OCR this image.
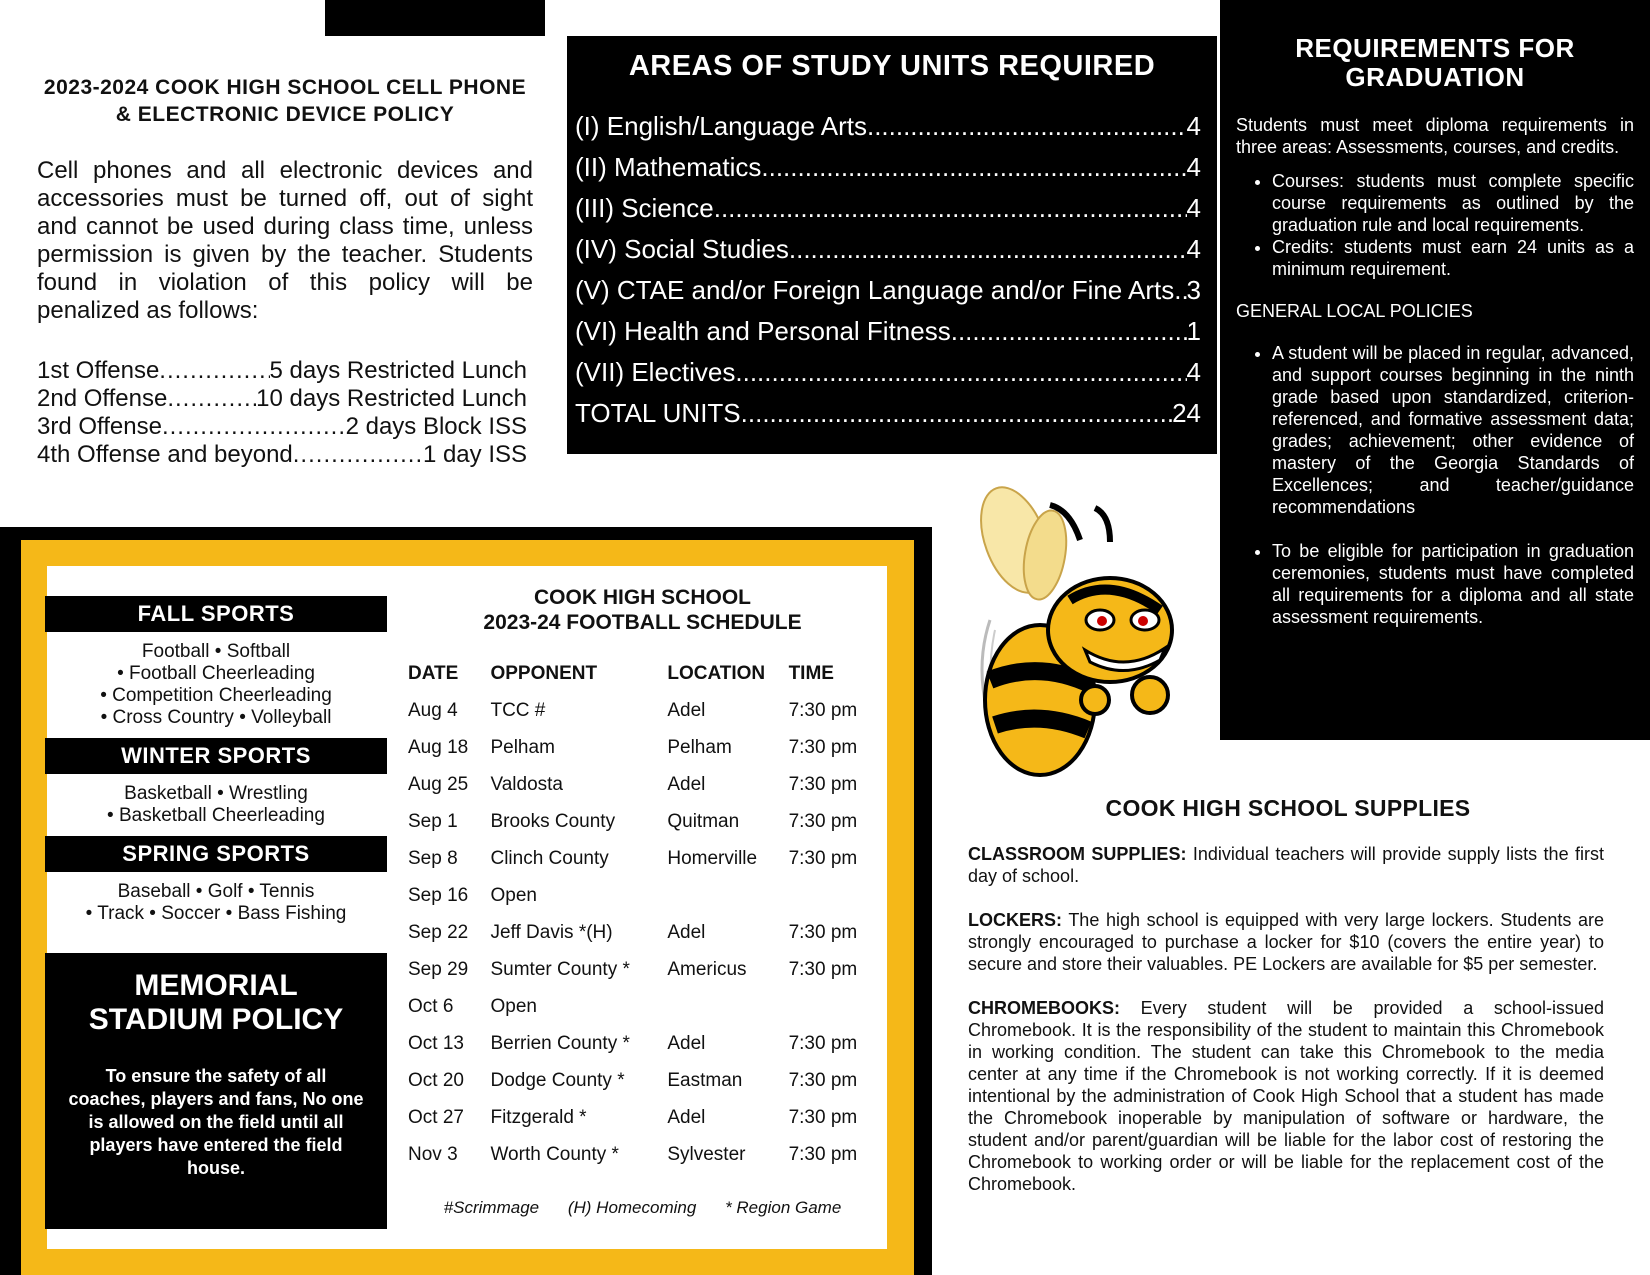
2023-2024 COOK HIGH SCHOOL CELL PHONE & ELECTRONIC DEVICE POLICY
Cell phones and all electronic devices and accessories must be turned off, out of sight and cannot be used during class time, unless permission is given by the teacher. Students found in violation of this policy will be penalized as follows:
1st Offense .....	5 days Restricted Lunch
2nd Offense .....	10 days Restricted Lunch
3rd Offense .....	2 days Block ISS
4th Offense and beyond .....	1 day ISS
AREAS OF STUDY UNITS REQUIRED
(I) English/Language Arts .....	4
(II) Mathematics .....	4
(III) Science .....	4
(IV) Social Studies .....	4
(V) CTAE and/or Foreign Language and/or Fine Arts ..... 3
(VI) Health and Personal Fitness .....	1
(VII) Electives .....	4
TOTAL UNITS .....	24
REQUIREMENTS FOR GRADUATION
Students must meet diploma requirements in three areas: Assessments, courses, and credits.
• Courses: students must complete specific course requirements as outlined by the graduation rule and local requirements.
• Credits: students must earn 24 units as a minimum requirement.
GENERAL LOCAL POLICIES
• A student will be placed in regular, advanced, and support courses beginning in the ninth grade based upon standardized, criterion-referenced, and formative assessment data; grades; achievement; other evidence of mastery of the Georgia Standards of Excellences; and teacher/guidance recommendations
• To be eligible for participation in graduation ceremonies, students must have completed all requirements for a diploma and all state assessment requirements.
FALL SPORTS
Football • Softball
• Football Cheerleading
• Competition Cheerleading
• Cross Country • Volleyball
WINTER SPORTS
Basketball • Wrestling
• Basketball Cheerleading
SPRING SPORTS
Baseball • Golf • Tennis
• Track • Soccer • Bass Fishing
MEMORIAL
STADIUM POLICY
To ensure the safety of all coaches, players and fans, No one is allowed on the field until all players have entered the field house.
COOK HIGH SCHOOL
2023-24 FOOTBALL SCHEDULE
DATE	OPPONENT	LOCATION	TIME
Aug 4	TCC #	Adel	7:30 pm
Aug 18	Pelham	Pelham	7:30 pm
Aug 25	Valdosta	Adel	7:30 pm
Sep 1	Brooks County	Quitman	7:30 pm
Sep 8	Clinch County	Homerville	7:30 pm
Sep 16	Open
Sep 22	Jeff Davis *(H)	Adel	7:30 pm
Sep 29	Sumter County *	Americus	7:30 pm
Oct 6	Open
Oct 13	Berrien County *	Adel	7:30 pm
Oct 20	Dodge County *	Eastman	7:30 pm
Oct 27	Fitzgerald *	Adel	7:30 pm
Nov 3	Worth County *	Sylvester	7:30 pm
#Scrimmage (H) Homecoming * Region Game
COOK HIGH SCHOOL SUPPLIES

CLASSROOM SUPPLIES: Individual teachers will provide supply lists the first day of school.

LOCKERS: The high school is equipped with very large lockers. Students are strongly encouraged to purchase a locker for $10 (covers the entire year) to secure and store their valuables. PE Lockers are available for $5 per semester.

CHROMEBOOKS: Every student will be provided a school-issued Chromebook. It is the responsibility of the student to maintain this Chromebook in working condition. The student can take this Chromebook to the media center at any time if the Chromebook is not working correctly. If it is deemed intentional by the administration of Cook High School that a student has made the Chromebook inoperable by manipulation of software or hardware, the student and/or parent/guardian will be liable for the labor cost of restoring the Chromebook to working order or will be liable for the replacement cost of the Chromebook.
